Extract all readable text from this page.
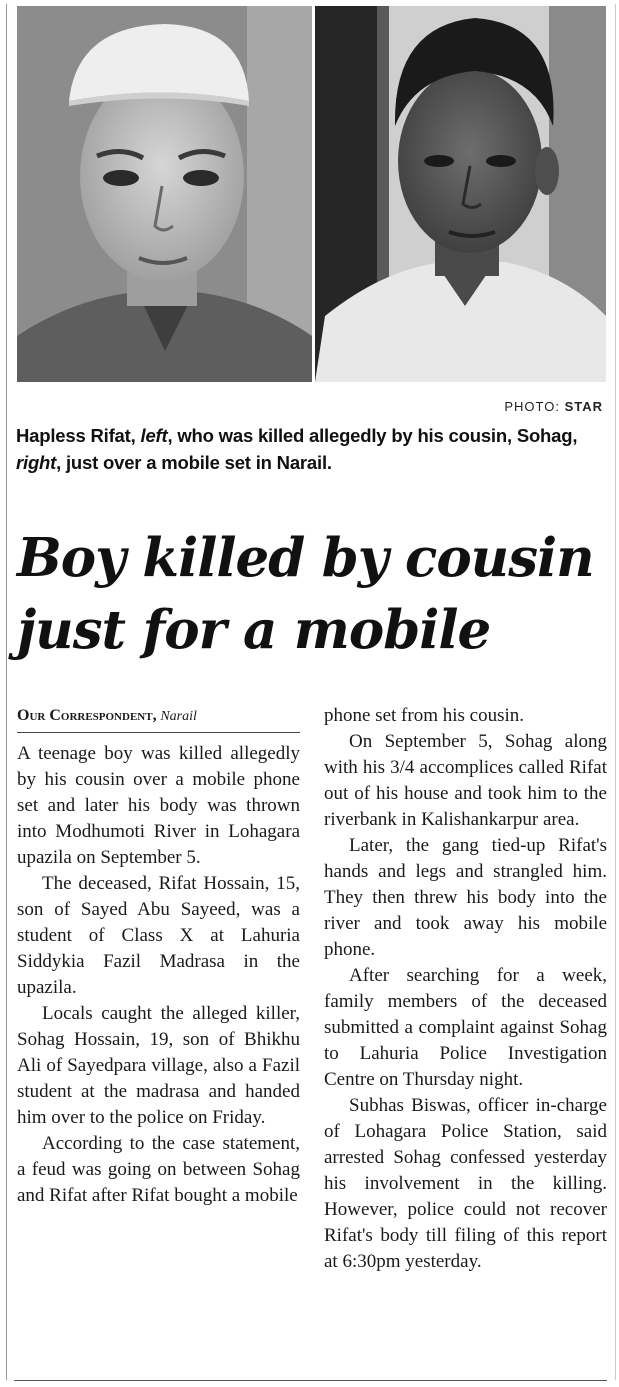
PHOTO: STAR
Hapless Rifat, left, who was killed allegedly by his cousin, Sohag, right, just over a mobile set in Narail.
Boy killed by cousin
just for a mobile
Our Correspondent, Narail

A teenage boy was killed allegedly by his cousin over a mobile phone set and later his body was thrown into Modhumoti River in Lohagara upazila on September 5.

The deceased, Rifat Hossain, 15, son of Sayed Abu Sayeed, was a student of Class X at Lahuria Siddykia Fazil Madrasa in the upazila.

Locals caught the alleged killer, Sohag Hossain, 19, son of Bhikhu Ali of Sayedpara village, also a Fazil student at the madrasa and handed him over to the police on Friday.

According to the case statement, a feud was going on between Sohag and Rifat after Rifat bought a mobile

phone set from his cousin.

On September 5, Sohag along with his 3/4 accomplices called Rifat out of his house and took him to the riverbank in Kalishankarpur area.

Later, the gang tied-up Rifat's hands and legs and strangled him. They then threw his body into the river and took away his mobile phone.

After searching for a week, family members of the deceased submitted a complaint against Sohag to Lahuria Police Investigation Centre on Thursday night.

Subhas Biswas, officer in-charge of Lohagara Police Station, said arrested Sohag confessed yesterday his involvement in the killing. However, police could not recover Rifat's body till filing of this report at 6:30pm yesterday.
